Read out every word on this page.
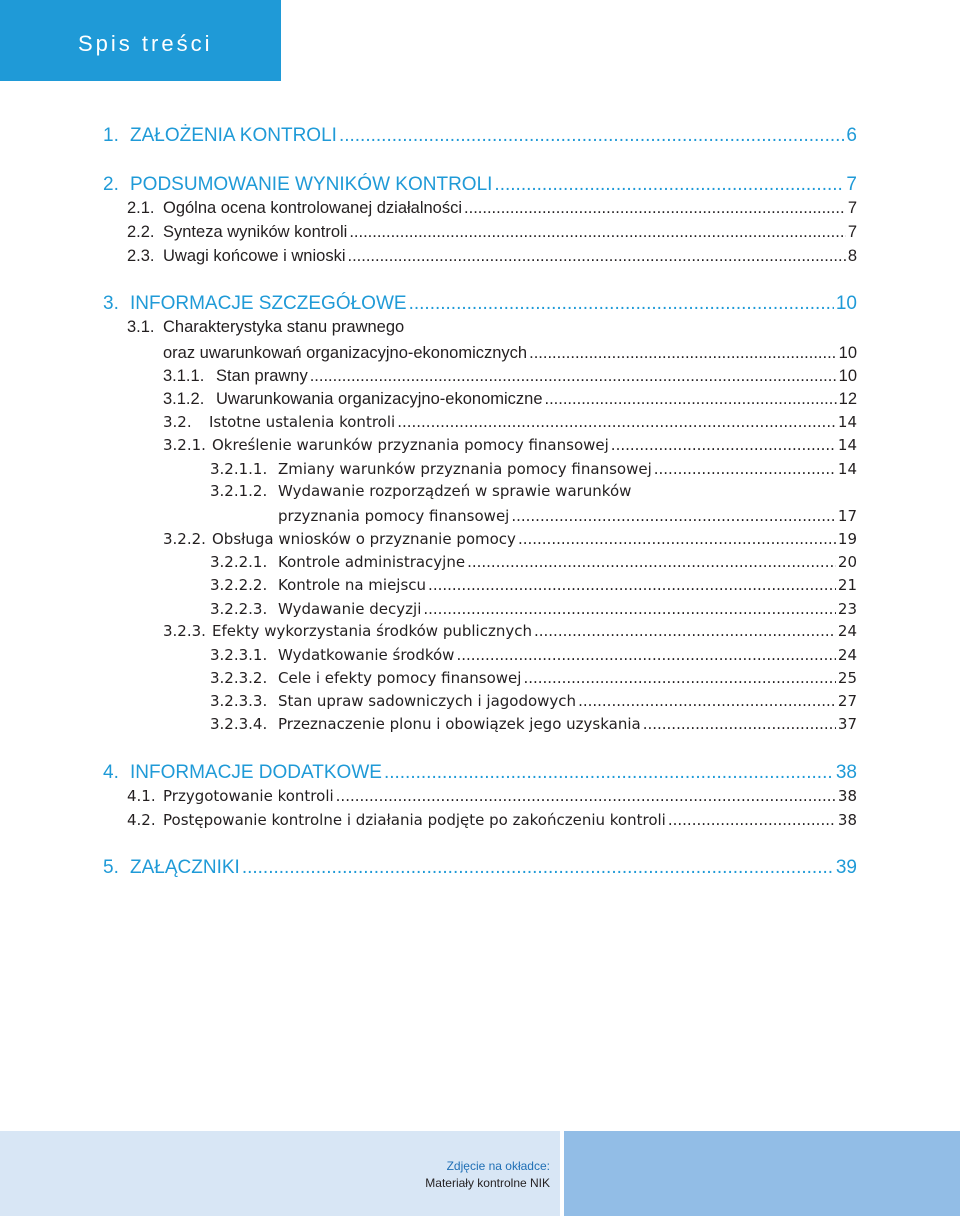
Spis treści
1. ZAŁOŻENIA KONTROLI .....	6
2. PODSUMOWANIE WYNIKÓW KONTROLI .....	7
2.1. Ogólna ocena kontrolowanej działalności .....	7
2.2. Synteza wyników kontroli .....	7
2.3. Uwagi końcowe i wnioski .....	8
3. INFORMACJE SZCZEGÓŁOWE .....	10
3.1. Charakterystyka stanu prawnego
oraz uwarunkowań organizacyjno-ekonomicznych .....	10
3.1.1. Stan prawny .....	10
3.1.2. Uwarunkowania organizacyjno-ekonomiczne .....	12
3.2.	Istotne ustalenia kontroli .....	14
3.2.1. Określenie warunków przyznania pomocy finansowej .....	14
3.2.1.1. Zmiany warunków przyznania pomocy finansowej .....	14
3.2.1.2. Wydawanie rozporządzeń w sprawie warunków
przyznania pomocy finansowej .....	17
3.2.2. Obsługa wniosków o przyznanie pomocy .....	19
3.2.2.1. Kontrole administracyjne .....	20
3.2.2.2. Kontrole na miejscu .....	21
3.2.2.3. Wydawanie decyzji .....	23
3.2.3. Efekty wykorzystania środków publicznych .....	24
3.2.3.1. Wydatkowanie środków .....	24
3.2.3.2. Cele i efekty pomocy finansowej .....	25
3.2.3.3. Stan upraw sadowniczych i jagodowych .....	27
3.2.3.4. Przeznaczenie plonu i obowiązek jego uzyskania .....	37
4. INFORMACJE DODATKOWE .....	38
4.1. Przygotowanie kontroli .....	38
4.2. Postępowanie kontrolne i działania podjęte po zakończeniu kontroli .....	38
5. ZAŁĄCZNIKI .....	39
Zdjęcie na okładce:
Materiały kontrolne NIK
